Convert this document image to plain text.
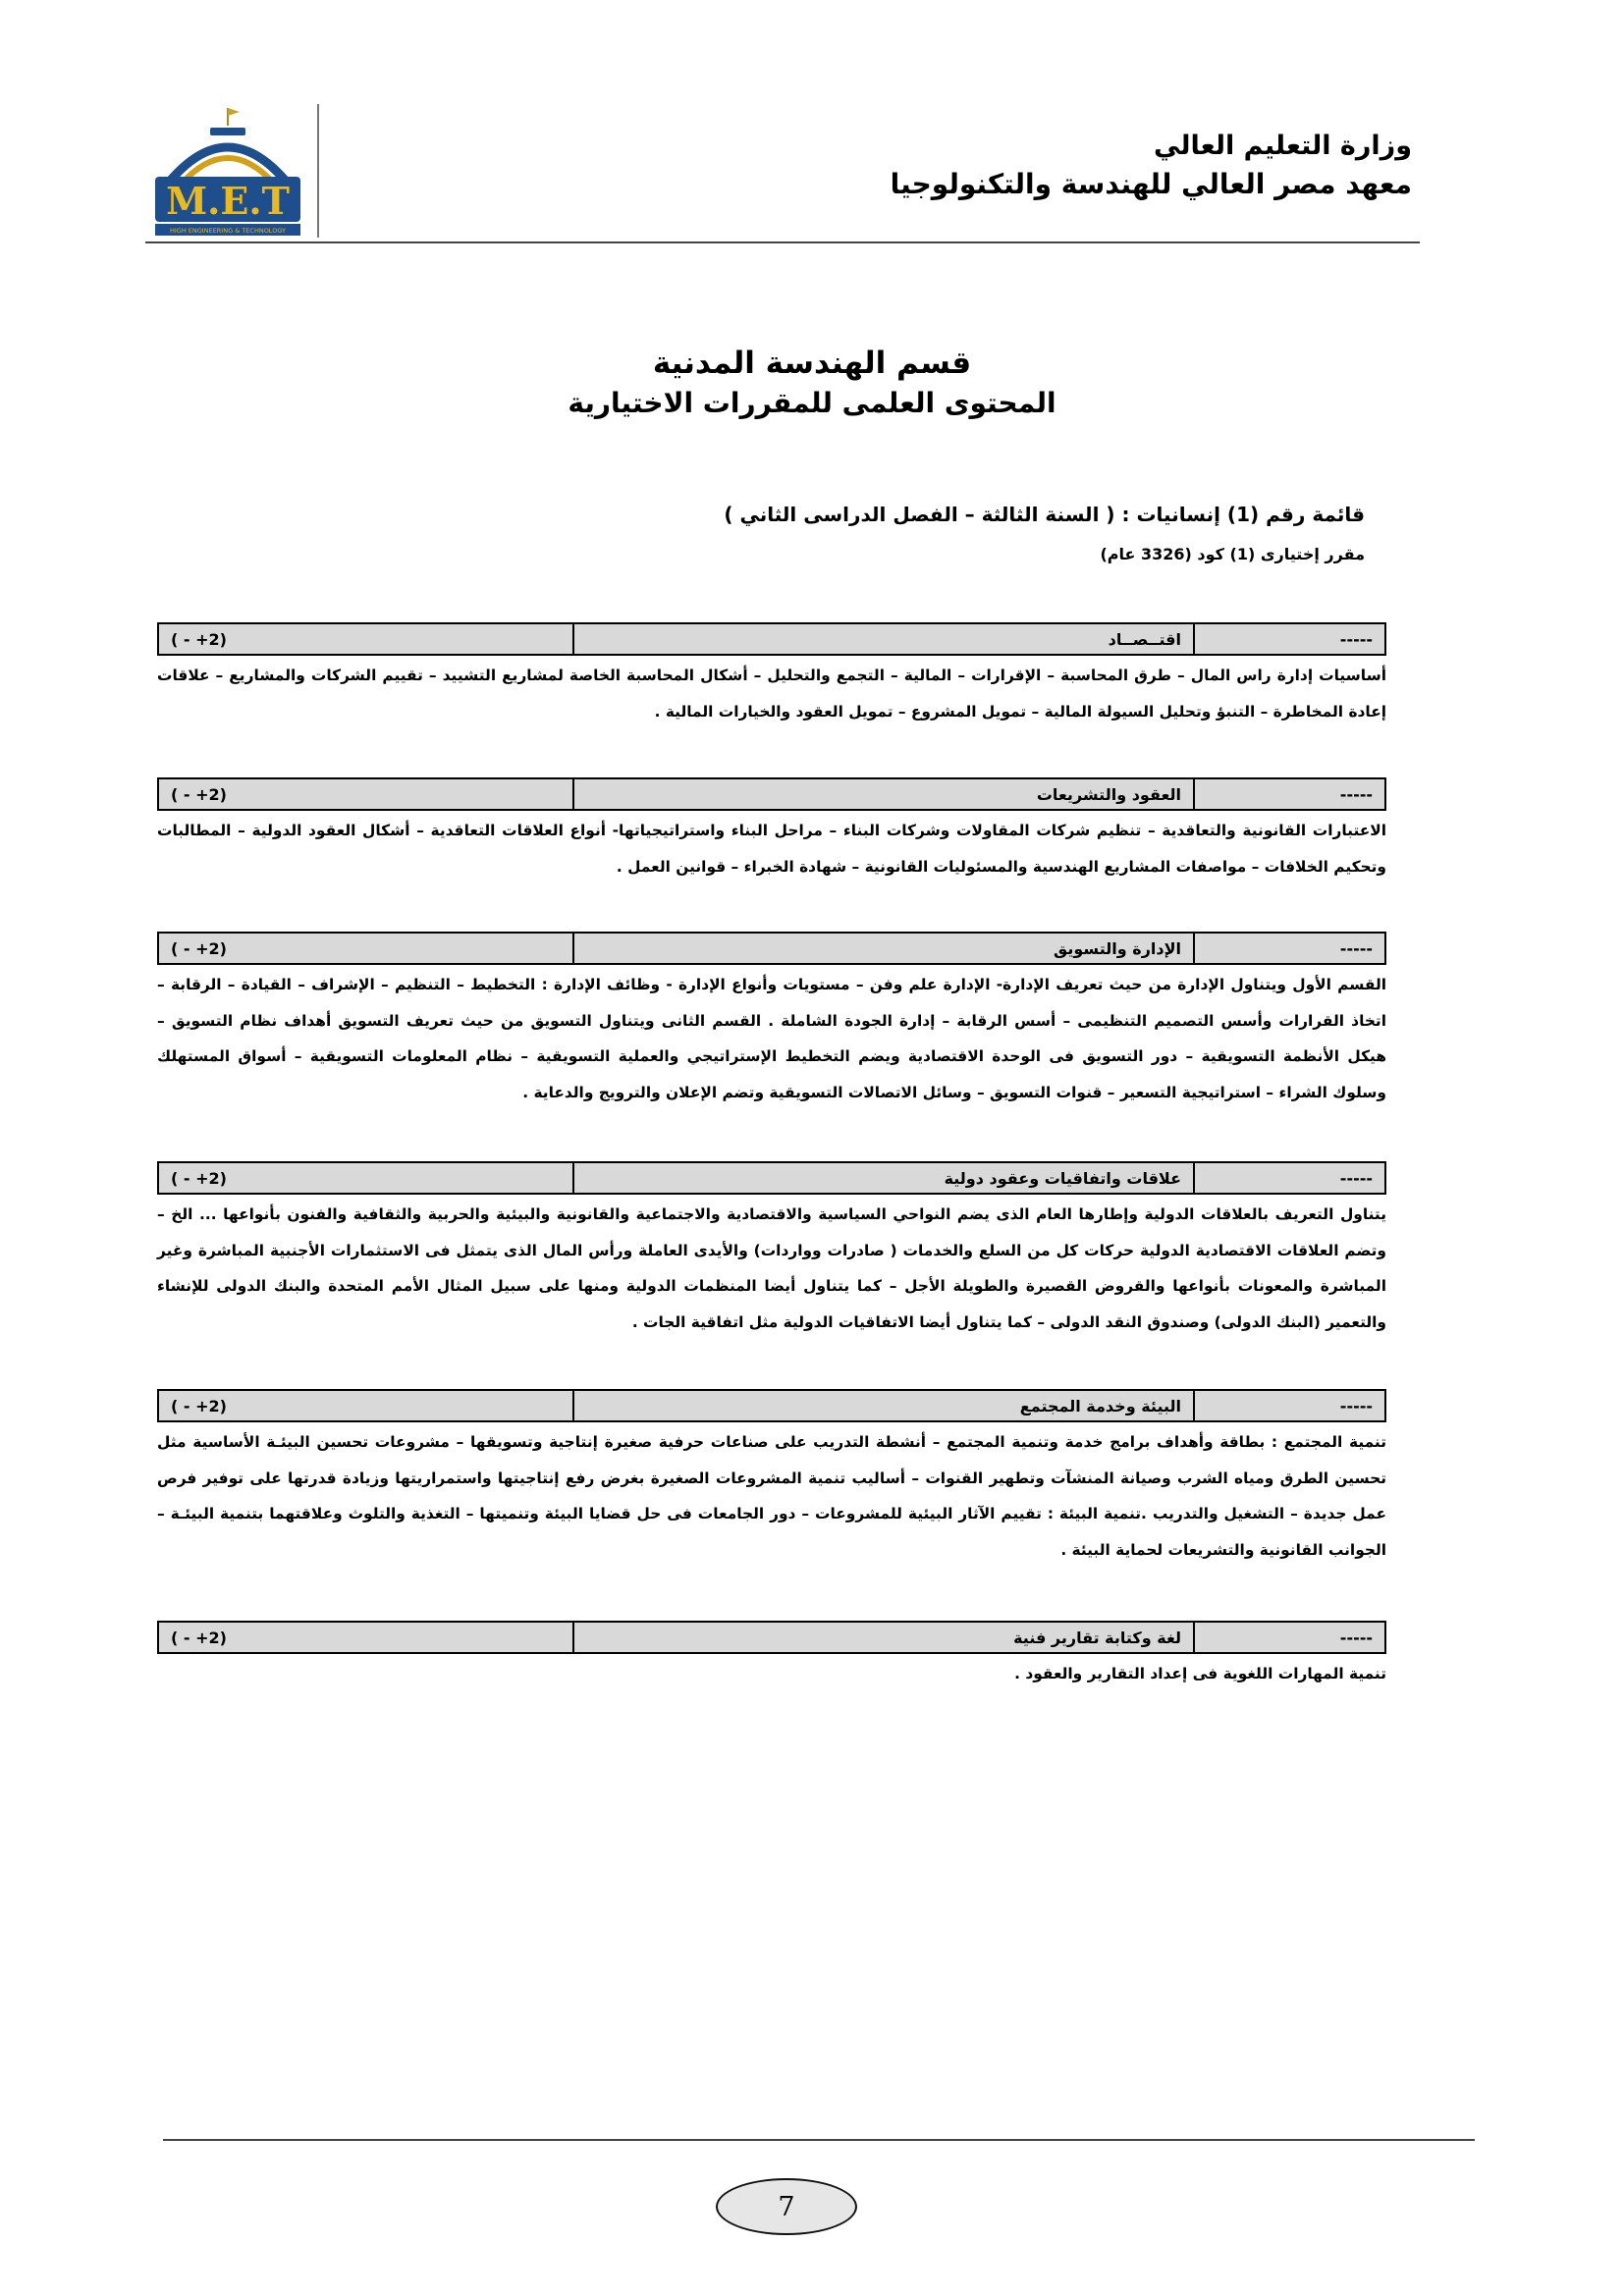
M.E.T
HIGH ENGINEERING & TECHNOLOGY
وزارة التعليم العالي
معهد مصر العالي للهندسة والتكنولوجيا
قسم الهندسة المدنية
المحتوى العلمى للمقررات الاختيارية
قائمة رقم (1) إنسانيات : ( السنة الثالثة – الفصل الدراسى الثاني )
مقرر إختيارى (1) كود (3326 عام)
-----
اقتــصــاد
(2+ - )
أساسيات إدارة راس المال – طرق المحاسبة – الإقرارات – المالية – التجمع والتحليل – أشكال المحاسبة الخاصة لمشاريع التشييد – تقييم الشركات والمشاريع – علاقات إعادة المخاطرة – التنبؤ وتحليل السيولة المالية – تمويل المشروع – تمويل العقود والخيارات المالية .
-----
العقود والتشريعات
(2+ - )
الاعتبارات القانونية والتعاقدية – تنظيم شركات المقاولات وشركات البناء – مراحل البناء واستراتيجياتها- أنواع العلاقات التعاقدية – أشكال العقود الدولية – المطالبات وتحكيم الخلافات – مواصفات المشاريع الهندسية والمسئوليات القانونية – شهادة الخبراء – قوانين العمل .
-----
الإدارة والتسويق
(2+ - )
القسم الأول ويتناول الإدارة من حيث تعريف الإدارة- الإدارة علم وفن – مستويات وأنواع الإدارة - وظائف الإدارة : التخطيط – التنظيم – الإشراف – القيادة – الرقابة – اتخاذ القرارات وأسس التصميم التنظيمى – أسس الرقابة – إدارة الجودة الشاملة . القسم الثانى ويتناول التسويق من حيث تعريف التسويق أهداف نظام التسويق – هيكل الأنظمة التسويقية – دور التسويق فى الوحدة الاقتصادية ويضم التخطيط الإستراتيجي والعملية التسويقية – نظام المعلومات التسويقية – أسواق المستهلك وسلوك الشراء – استراتيجية التسعير – قنوات التسويق – وسائل الاتصالات التسويقية وتضم الإعلان والترويج والدعاية .
-----
علاقات واتفاقيات وعقود دولية
(2+ - )
يتناول التعريف بالعلاقات الدولية وإطارها العام الذى يضم النواحي السياسية والاقتصادية والاجتماعية والقانونية والبيئية والحربية والثقافية والفنون بأنواعها ... الخ – وتضم العلاقات الاقتصادية الدولية حركات كل من السلع والخدمات ( صادرات وواردات) والأيدى العاملة ورأس المال الذى يتمثل فى الاستثمارات الأجنبية المباشرة وغير المباشرة والمعونات بأنواعها والقروض القصيرة والطويلة الأجل – كما يتناول أيضا المنظمات الدولية ومنها على سبيل المثال الأمم المتحدة والبنك الدولى للإنشاء والتعمير (البنك الدولى) وصندوق النقد الدولى – كما يتناول أيضا الاتفاقيات الدولية مثل اتفاقية الجات .
-----
البيئة وخدمة المجتمع
(2+ - )
تنمية المجتمع : بطاقة وأهداف برامج خدمة وتنمية المجتمع – أنشطة التدريب على صناعات حرفية صغيرة إنتاجية وتسويقها – مشروعات تحسين البيئـة الأساسية مثل تحسين الطرق ومياه الشرب وصيانة المنشآت وتطهير القنوات – أساليب تنمية المشروعات الصغيرة بغرض رفع إنتاجيتها واستمراريتها وزيادة قدرتها على توفير فرص عمل جديدة – التشغيل والتدريب .تنمية البيئة : تقييم الآثار البيئية للمشروعات – دور الجامعات فى حل قضايا البيئة وتنميتها – التغذية والتلوث وعلاقتهما بتنمية البيئـة – الجوانب القانونية والتشريعات لحماية البيئة .
-----
لغة وكتابة تقارير فنية
(2+ - )
تنمية المهارات اللغوية فى إعداد التقارير والعقود .
7
